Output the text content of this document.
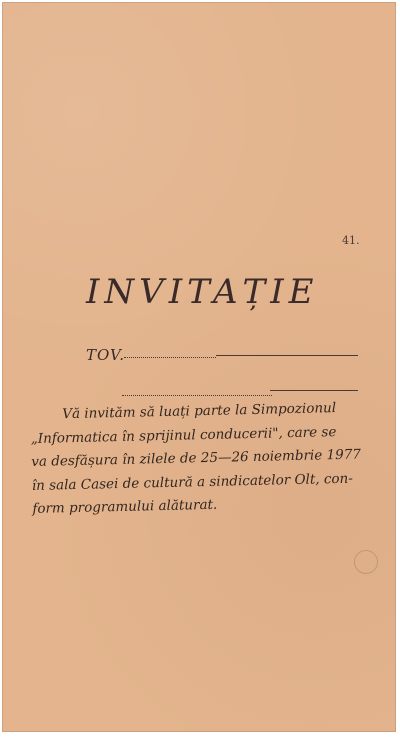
41.
INVITAȚIE
TOV.
Vă invităm să luați parte la Simpozionul
„Informatica în sprijinul conducerii", care se
va desfășura în zilele de 25—26 noiembrie 1977
în sala Casei de cultură a sindicatelor Olt, con-
form programului alăturat.
